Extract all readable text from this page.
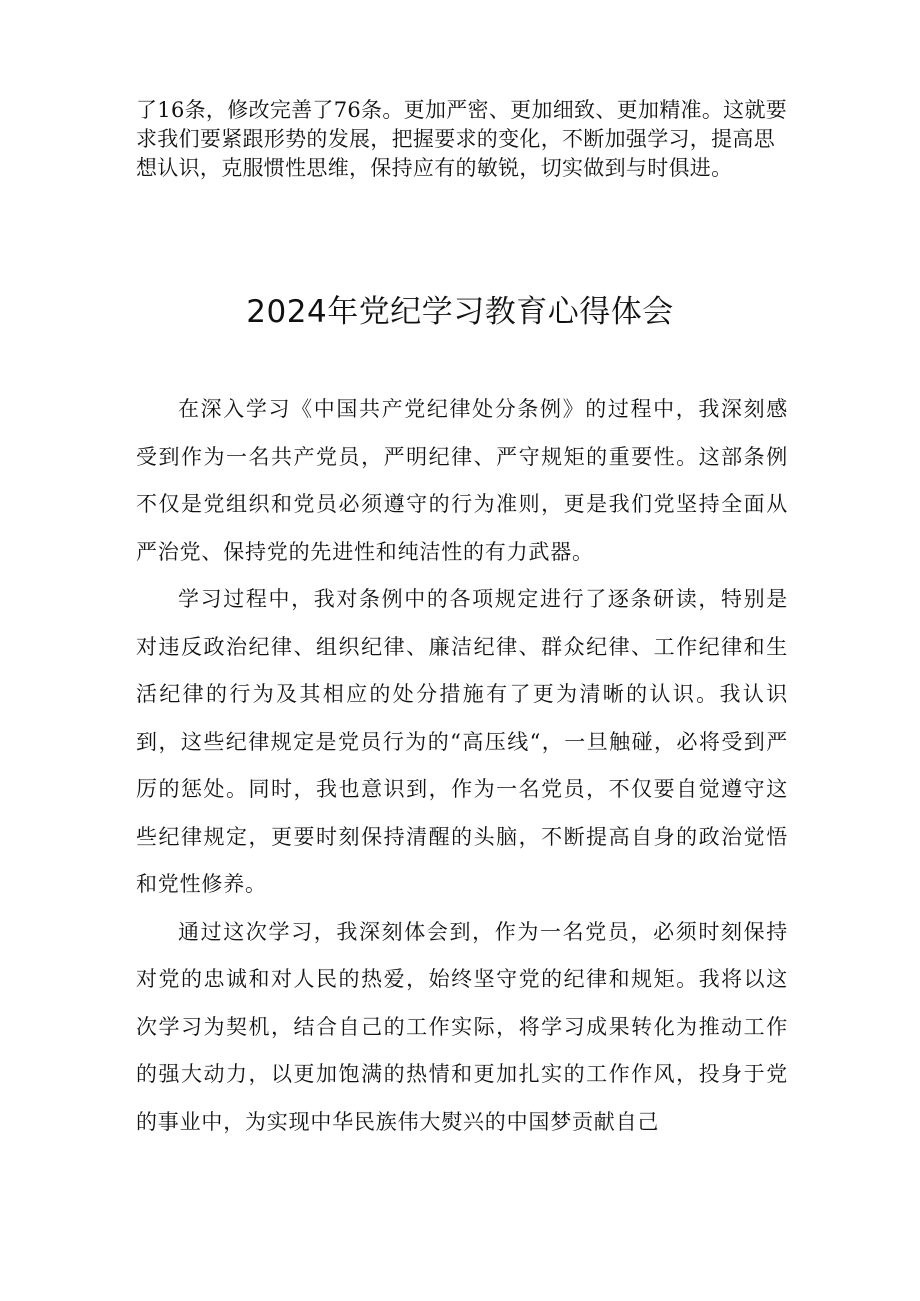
了16条，修改完善了76条。更加严密、更加细致、更加精准。这就要求我们要紧跟形势的发展，把握要求的变化，不断加强学习，提高思想认识，克服惯性思维，保持应有的敏锐，切实做到与时俱进。

2024年党纪学习教育心得体会

在深入学习《中国共产党纪律处分条例》的过程中，我深刻感受到作为一名共产党员，严明纪律、严守规矩的重要性。这部条例不仅是党组织和党员必须遵守的行为准则，更是我们党坚持全面从严治党、保持党的先进性和纯洁性的有力武器。

学习过程中，我对条例中的各项规定进行了逐条研读，特别是对违反政治纪律、组织纪律、廉洁纪律、群众纪律、工作纪律和生活纪律的行为及其相应的处分措施有了更为清晰的认识。我认识到，这些纪律规定是党员行为的“高压线“，一旦触碰，必将受到严厉的惩处。同时，我也意识到，作为一名党员，不仅要自觉遵守这些纪律规定，更要时刻保持清醒的头脑，不断提高自身的政治觉悟和党性修养。

通过这次学习，我深刻体会到，作为一名党员，必须时刻保持对党的忠诚和对人民的热爱，始终坚守党的纪律和规矩。我将以这次学习为契机，结合自己的工作实际，将学习成果转化为推动工作的强大动力，以更加饱满的热情和更加扎实的工作作风，投身于党的事业中，为实现中华民族伟大熨兴的中国梦贡献自己
